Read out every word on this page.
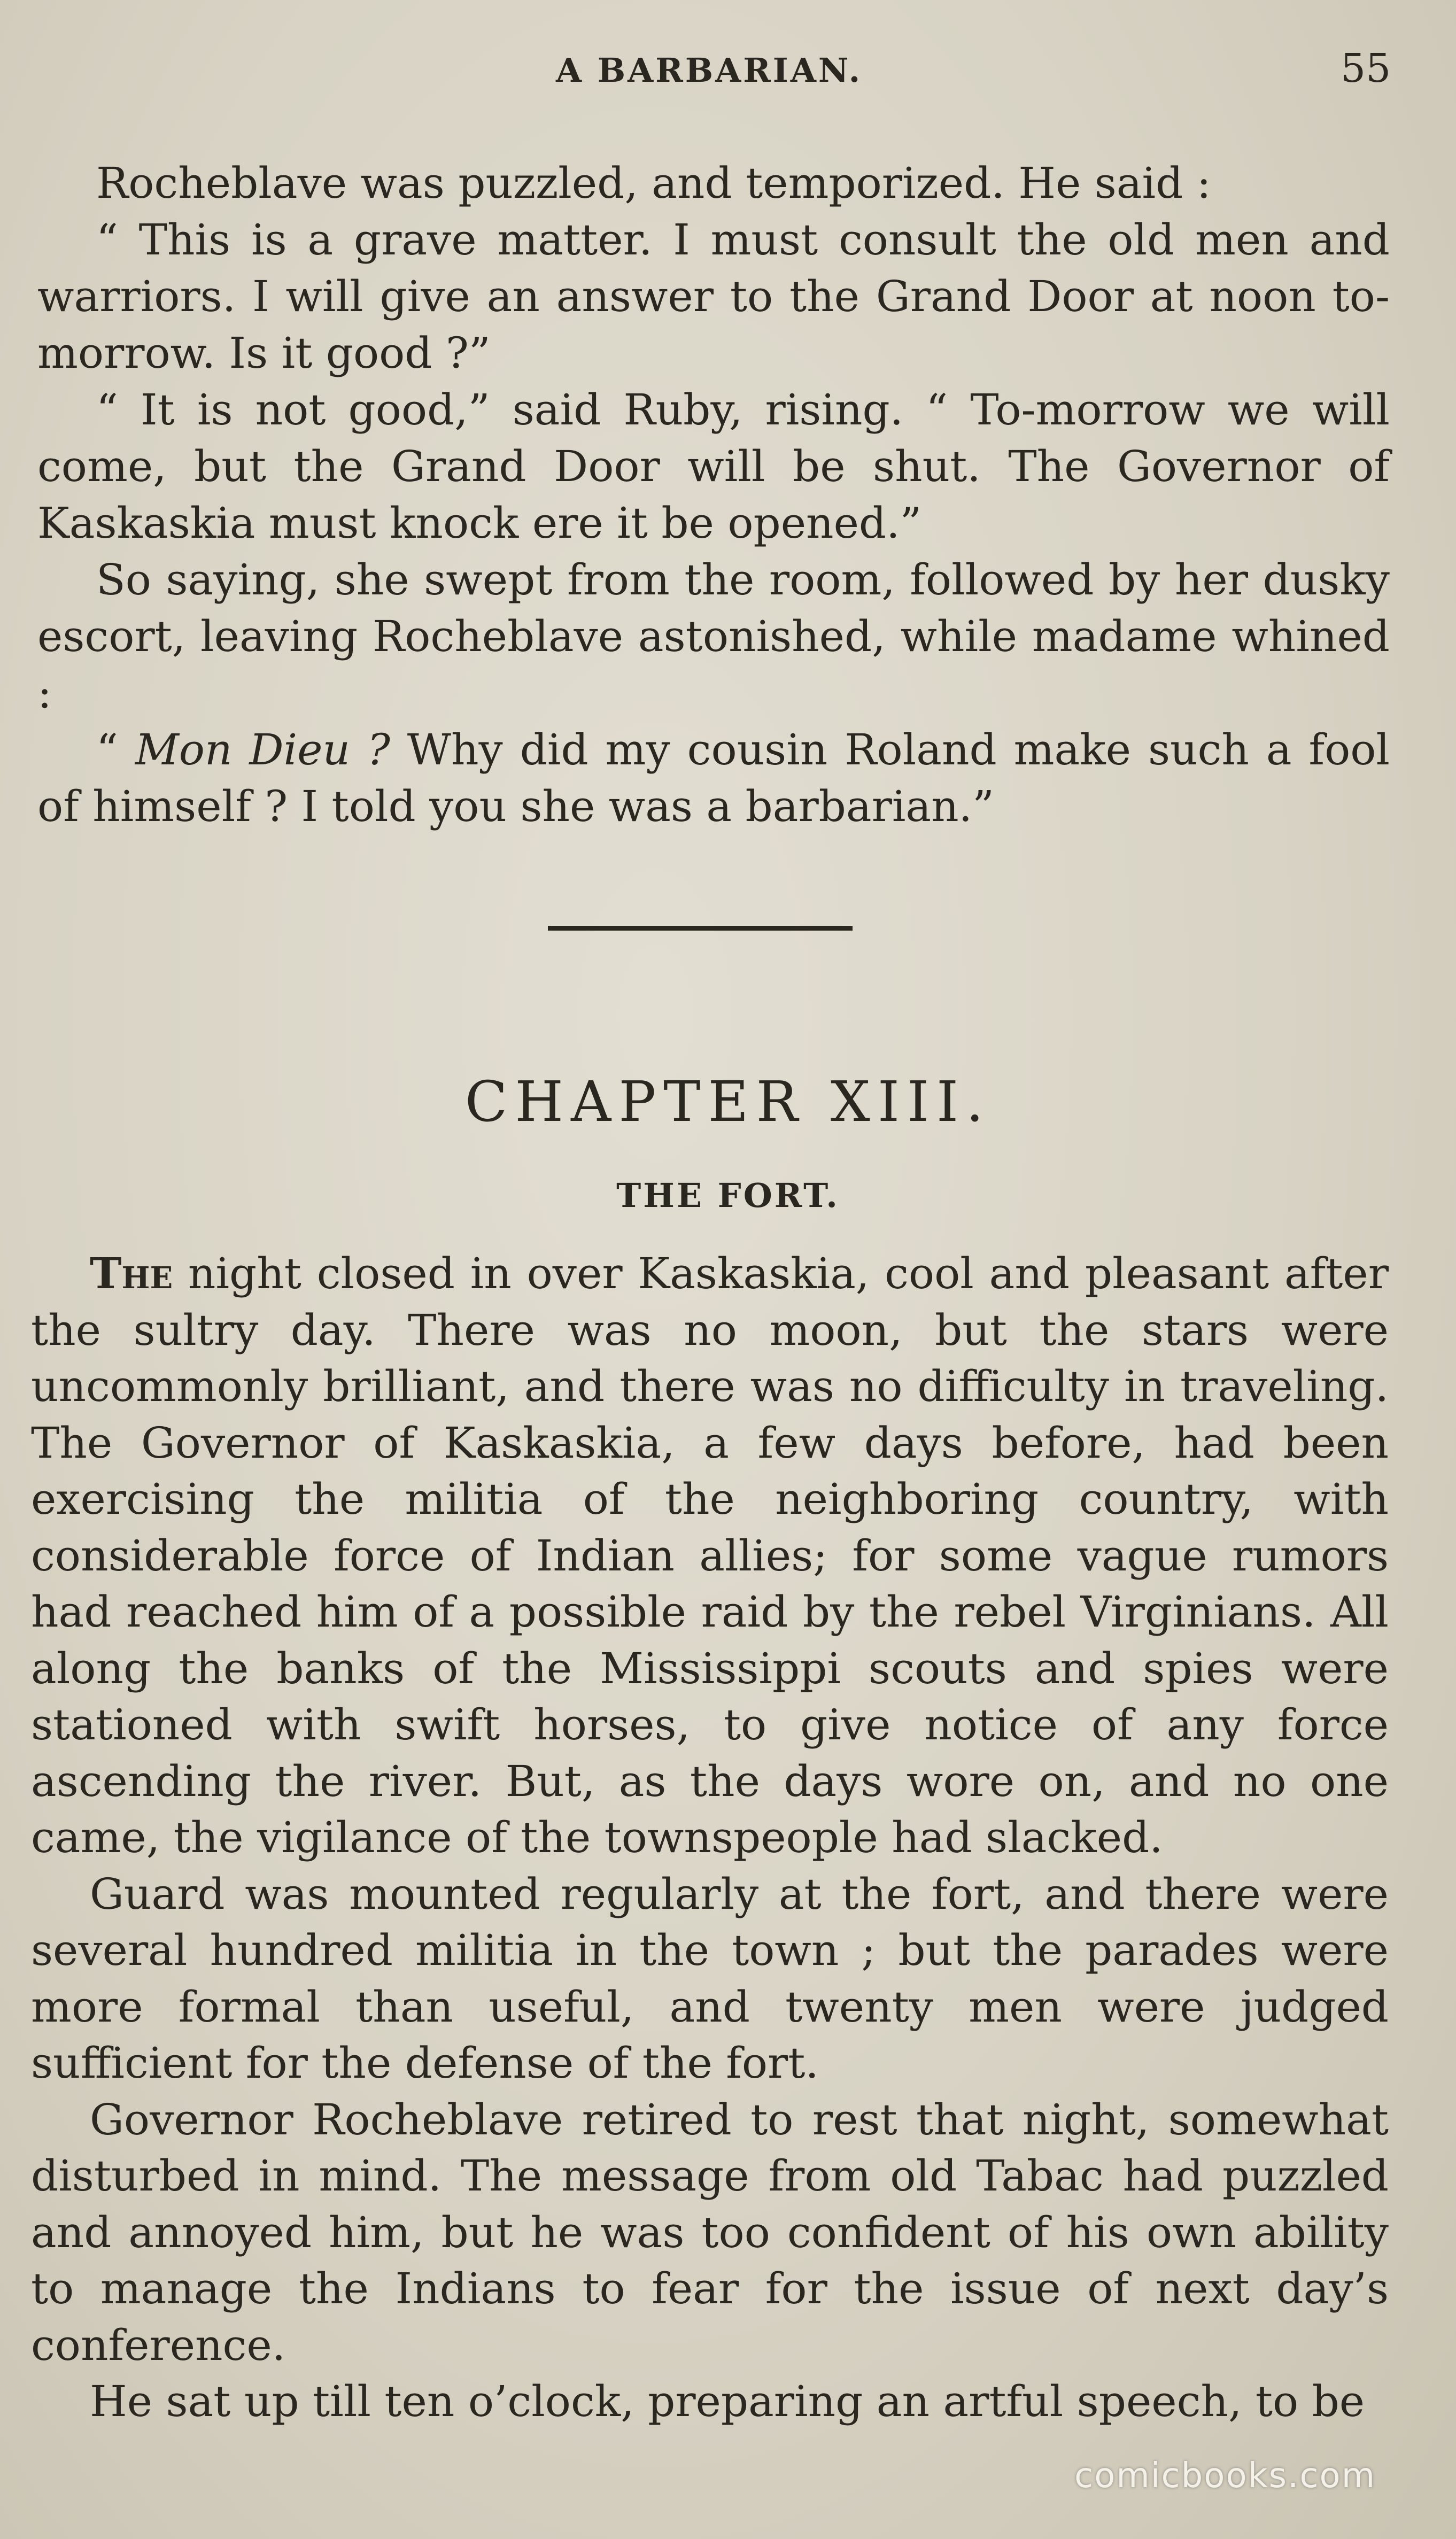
A BARBARIAN.	55

Rocheblave was puzzled, and temporized. He said :

“ This is a grave matter. I must consult the old men and warriors. I will give an answer to the Grand Door at noon to-morrow. Is it good ?”

“ It is not good,” said Ruby, rising. “ To-morrow we will come, but the Grand Door will be shut. The Governor of Kaskaskia must knock ere it be opened.”

So saying, she swept from the room, followed by her dusky escort, leaving Rocheblave astonished, while madame whined :

“ Mon Dieu ? Why did my cousin Roland make such a fool of himself ? I told you she was a barbarian.”

CHAPTER XIII.
THE FORT.

The night closed in over Kaskaskia, cool and pleasant after the sultry day. There was no moon, but the stars were uncommonly brilliant, and there was no difficulty in traveling. The Governor of Kaskaskia, a few days before, had been exercising the militia of the neighboring country, with considerable force of Indian allies; for some vague rumors had reached him of a possible raid by the rebel Virginians. All along the banks of the Mississippi scouts and spies were stationed with swift horses, to give notice of any force ascending the river. But, as the days wore on, and no one came, the vigilance of the townspeople had slacked.

Guard was mounted regularly at the fort, and there were several hundred militia in the town ; but the parades were more formal than useful, and twenty men were judged sufficient for the defense of the fort.

Governor Rocheblave retired to rest that night, somewhat disturbed in mind. The message from old Tabac had puzzled and annoyed him, but he was too confident of his own ability to manage the Indians to fear for the issue of next day’s conference.

He sat up till ten o’clock, preparing an artful speech, to be

comicbooks.com
